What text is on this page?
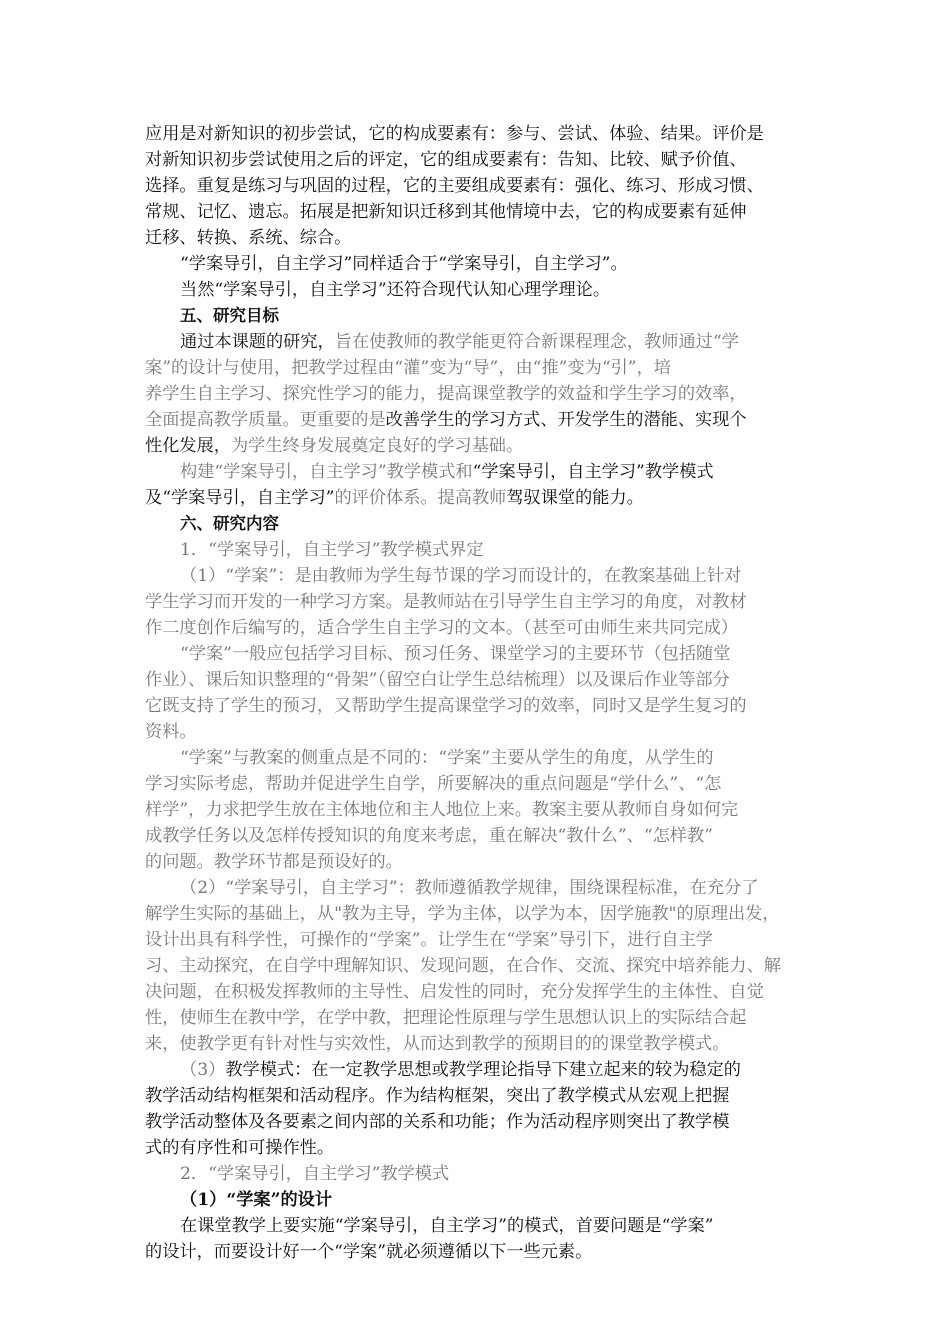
应用是对新知识的初步尝试，它的构成要素有：参与、尝试、体验、结果。评价是
对新知识初步尝试使用之后的评定，它的组成要素有：告知、比较、赋予价值、
选择。重复是练习与巩固的过程，它的主要组成要素有：强化、练习、形成习惯、
常规、记忆、遗忘。拓展是把新知识迁移到其他情境中去，它的构成要素有延伸
迁移、转换、系统、综合。
“学案导引，自主学习”同样适合于“学案导引，自主学习”。
当然“学案导引，自主学习”还符合现代认知心理学理论。
五、研究目标
通过本课题的研究，旨在使教师的教学能更符合新课程理念，教师通过“学
案”的设计与使用，把教学过程由“灌”变为“导”，由“推”变为“引”，培
养学生自主学习、探究性学习的能力，提高课堂教学的效益和学生学习的效率，
全面提高教学质量。更重要的是改善学生的学习方式、开发学生的潜能、实现个
性化发展，为学生终身发展奠定良好的学习基础。
构建“学案导引，自主学习”教学模式和“学案导引，自主学习”教学模式
及“学案导引，自主学习”的评价体系。提高教师驾驭课堂的能力。
六、研究内容
1．“学案导引，自主学习”教学模式界定
（1）“学案”：是由教师为学生每节课的学习而设计的，在教案基础上针对
学生学习而开发的一种学习方案。是教师站在引导学生自主学习的角度，对教材
作二度创作后编写的，适合学生自主学习的文本。（甚至可由师生来共同完成）
“学案”一般应包括学习目标、预习任务、课堂学习的主要环节（包括随堂
作业）、课后知识整理的“骨架”（留空白让学生总结梳理）以及课后作业等部分
它既支持了学生的预习，又帮助学生提高课堂学习的效率，同时又是学生复习的
资料。
“学案”与教案的侧重点是不同的：“学案”主要从学生的角度，从学生的
学习实际考虑，帮助并促进学生自学，所要解决的重点问题是“学什么”、“怎
样学”，力求把学生放在主体地位和主人地位上来。教案主要从教师自身如何完
成教学任务以及怎样传授知识的角度来考虑，重在解决“教什么”、“怎样教”
的问题。教学环节都是预设好的。
（2）“学案导引，自主学习”：教师遵循教学规律，围绕课程标准，在充分了
解学生实际的基础上，从"教为主导，学为主体，以学为本，因学施教"的原理出发，
设计出具有科学性，可操作的“学案”。让学生在“学案”导引下，进行自主学
习、主动探究，在自学中理解知识、发现问题，在合作、交流、探究中培养能力、解
决问题，在积极发挥教师的主导性、启发性的同时，充分发挥学生的主体性、自觉
性，使师生在教中学，在学中教，把理论性原理与学生思想认识上的实际结合起
来，使教学更有针对性与实效性，从而达到教学的预期目的的课堂教学模式。
（3）教学模式：在一定教学思想或教学理论指导下建立起来的较为稳定的
教学活动结构框架和活动程序。作为结构框架，突出了教学模式从宏观上把握
教学活动整体及各要素之间内部的关系和功能；作为活动程序则突出了教学模
式的有序性和可操作性。
2．“学案导引，自主学习”教学模式
（1）“学案”的设计
在课堂教学上要实施“学案导引，自主学习”的模式，首要问题是“学案”
的设计，而要设计好一个“学案”就必须遵循以下一些元素。
